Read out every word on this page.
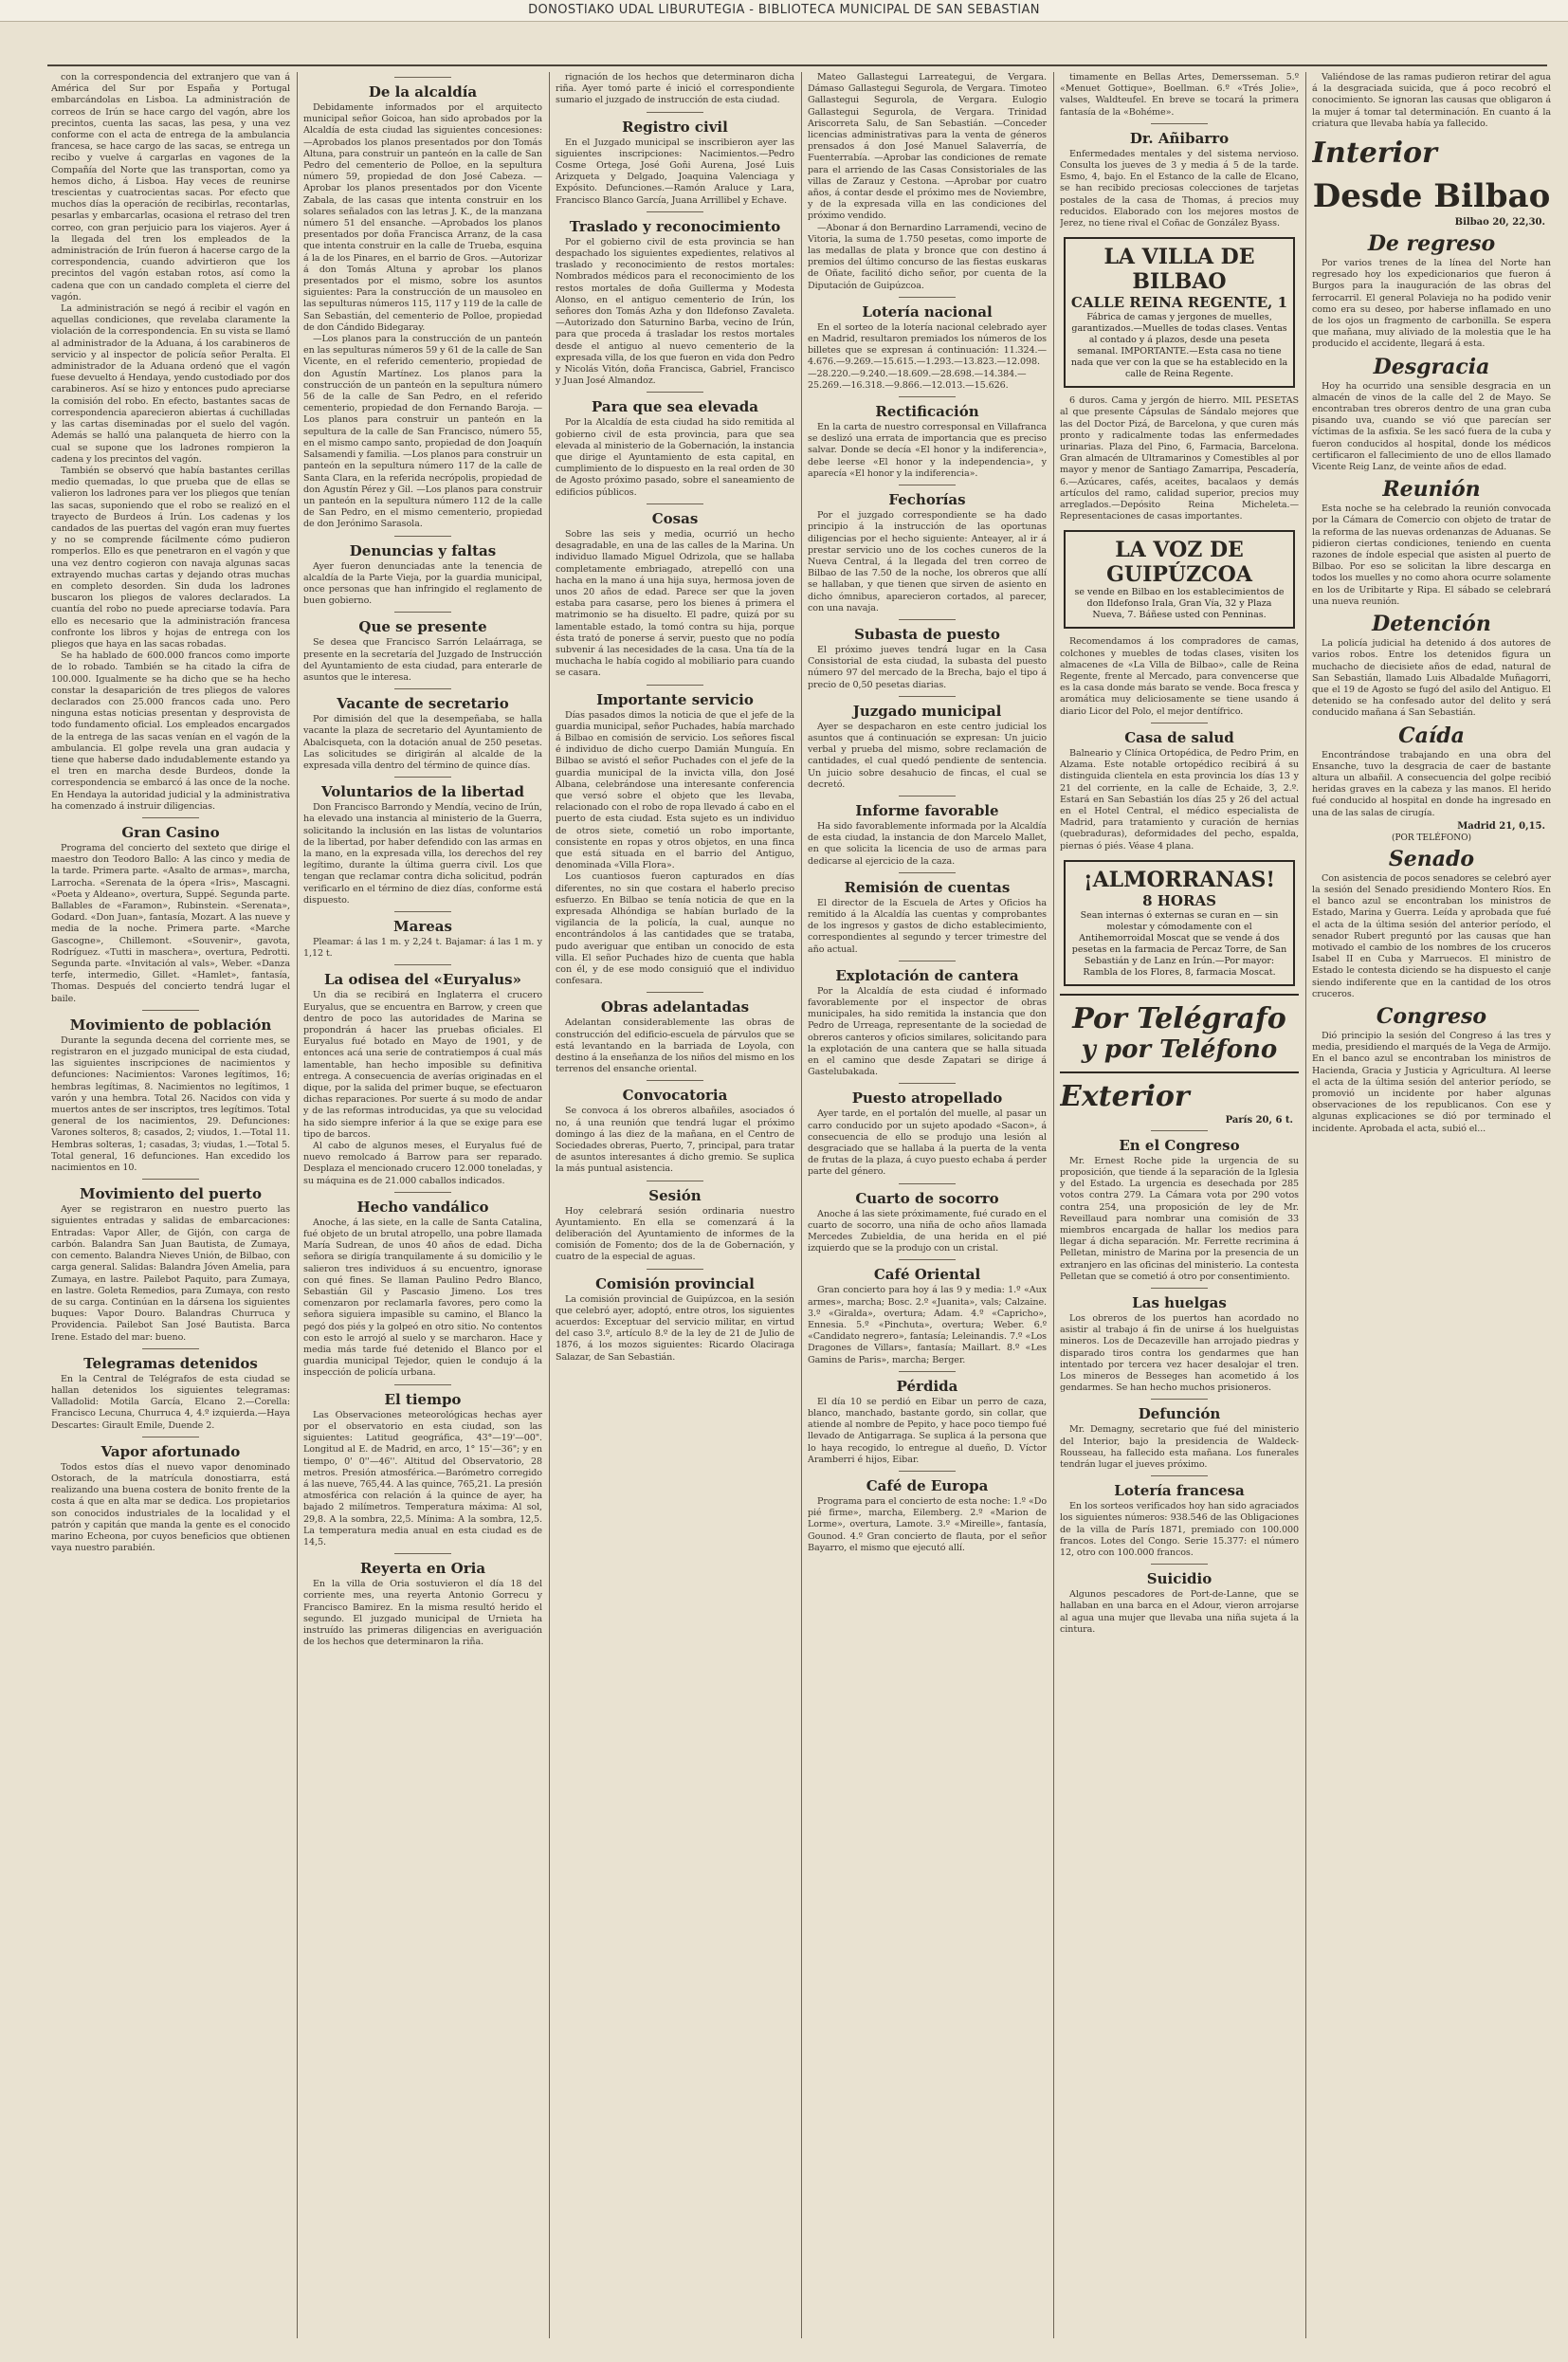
DONOSTIAKO UDAL LIBURUTEGIA - BIBLIOTECA MUNICIPAL DE SAN SEBASTIAN

con la correspondencia del extranjero que van á América del Sur por España y Portugal embarcándolas en Lisboa. La administración de correos de Irún se hace cargo del vagón, abre los precintos, cuenta las sacas, las pesa, y una vez conforme con el acta de entrega de la ambulancia francesa, se hace cargo de las sacas, se entrega un recibo y vuelve á cargarlas en vagones de la Compañía del Norte que las transportan, como ya hemos dicho, á Lisboa. Hay veces de reunirse trescientas y cuatrocientas sacas. Por efecto que muchos días la operación de recibirlas, recontarlas, pesarlas y embarcarlas, ocasiona el retraso del tren correo, con gran perjuicio para los viajeros. Ayer á la llegada del tren los empleados de la administración de Irún fueron á hacerse cargo de la correspondencia, cuando advirtieron que los precintos del vagón estaban rotos, así como la cadena que con un candado completa el cierre del vagón.

La administración se negó á recibir el vagón en aquellas condiciones, que revelaba claramente la violación de la correspondencia. En su vista se llamó al administrador de la Aduana, á los carabineros de servicio y al inspector de policía señor Peralta. El administrador de la Aduana ordenó que el vagón fuese devuelto á Hendaya, yendo custodiado por dos carabineros. Así se hizo y entonces pudo apreciarse la comisión del robo. En efecto, bastantes sacas de correspondencia aparecieron abiertas á cuchilladas y las cartas diseminadas por el suelo del vagón. Además se halló una palanqueta de hierro con la cual se supone que los ladrones rompieron la cadena y los precintos del vagón.

También se observó que había bastantes cerillas medio quemadas, lo que prueba que de ellas se valieron los ladrones para ver los pliegos que tenían las sacas, suponiendo que el robo se realizó en el trayecto de Burdeos á Irún. Los cadenas y los candados de las puertas del vagón eran muy fuertes y no se comprende fácilmente cómo pudieron romperlos. Ello es que penetraron en el vagón y que una vez dentro cogieron con navaja algunas sacas extrayendo muchas cartas y dejando otras muchas en completo desorden. Sin duda los ladrones buscaron los pliegos de valores declarados. La cuantía del robo no puede apreciarse todavía. Para ello es necesario que la administración francesa confronte los libros y hojas de entrega con los pliegos que haya en las sacas robadas.

Se ha hablado de 600.000 francos como importe de lo robado. También se ha citado la cifra de 100.000. Igualmente se ha dicho que se ha hecho constar la desaparición de tres pliegos de valores declarados con 25.000 francos cada uno. Pero ninguna estas noticias presentan y desprovista de todo fundamento oficial. Los empleados encargados de la entrega de las sacas venían en el vagón de la ambulancia. El golpe revela una gran audacia y tiene que haberse dado indudablemente estando ya el tren en marcha desde Burdeos, donde la correspondencia se embarcó á las once de la noche. En Hendaya la autoridad judicial y la administrativa ha comenzado á instruir diligencias.

Gran Casino

Programa del concierto del sexteto que dirige el maestro don Teodoro Ballo: A las cinco y media de la tarde. Primera parte. «Asalto de armas», marcha, Larrocha. «Serenata de la ópera «Iris», Mascagni. «Poeta y Aldeano», overtura, Suppé. Segunda parte. Ballables de «Faramon», Rubinstein. «Serenata», Godard. «Don Juan», fantasía, Mozart. A las nueve y media de la noche. Primera parte. «Marche Gascogne», Chillemont. «Souvenir», gavota, Rodríguez. «Tutti in maschera», overtura, Pedrotti. Segunda parte. «Invitación al vals», Weber. «Danza terfe, intermedio, Gillet. «Hamlet», fantasía, Thomas. Después del concierto tendrá lugar el baile.

Movimiento de población

Durante la segunda decena del corriente mes, se registraron en el juzgado municipal de esta ciudad, las siguientes inscripciones de nacimientos y defunciones: Nacimientos: Varones legítimos, 16; hembras legítimas, 8. Nacimientos no legítimos, 1 varón y una hembra. Total 26. Nacidos con vida y muertos antes de ser inscriptos, tres legítimos. Total general de los nacimientos, 29. Defunciones: Varones solteros, 8; casados, 2; viudos, 1.—Total 11. Hembras solteras, 1; casadas, 3; viudas, 1.—Total 5. Total general, 16 defunciones. Han excedido los nacimientos en 10.

Movimiento del puerto

Ayer se registraron en nuestro puerto las siguientes entradas y salidas de embarcaciones: Entradas: Vapor Aller, de Gijón, con carga de carbón. Balandra San Juan Bautista, de Zumaya, con cemento. Balandra Nieves Unión, de Bilbao, con carga general. Salidas: Balandra Jóven Amelia, para Zumaya, en lastre. Pailebot Paquito, para Zumaya, en lastre. Goleta Remedios, para Zumaya, con resto de su carga. Continúan en la dársena los siguientes buques: Vapor Douro. Balandras Churruca y Providencia. Pailebot San José Bautista. Barca Irene. Estado del mar: bueno.

Telegramas detenidos

En la Central de Telégrafos de esta ciudad se hallan detenidos los siguientes telegramas: Valladolid: Motila García, Elcano 2.—Corella: Francisco Lecuna, Churruca 4, 4.º izquierda.—Haya Descartes: Girault Emile, Duende 2.

Vapor afortunado

Todos estos días el nuevo vapor denominado Ostorach, de la matrícula donostiarra, está realizando una buena costera de bonito frente de la costa á que en alta mar se dedica. Los propietarios son conocidos industriales de la localidad y el patrón y capitán que manda la gente es el conocido marino Echeona, por cuyos beneficios que obtienen vaya nuestro parabién.

De la alcaldía

Debidamente informados por el arquitecto municipal señor Goicoa, han sido aprobados por la Alcaldía de esta ciudad las siguientes concesiones: —Aprobados los planos presentados por don Tomás Altuna, para construir un panteón en la calle de San Pedro del cementerio de Polloe, en la sepultura número 59, propiedad de don José Cabeza. —Aprobar los planos presentados por don Vicente Zabala, de las casas que intenta construir en los solares señalados con las letras J. K., de la manzana número 51 del ensanche. —Aprobados los planos presentados por doña Francisca Arranz, de la casa que intenta construir en la calle de Trueba, esquina á la de los Pinares, en el barrio de Gros. —Autorizar á don Tomás Altuna y aprobar los planos presentados por el mismo, sobre los asuntos siguientes: Para la construcción de un mausoleo en las sepulturas números 115, 117 y 119 de la calle de San Sebastián, del cementerio de Polloe, propiedad de don Cándido Bidegaray.

—Los planos para la construcción de un panteón en las sepulturas números 59 y 61 de la calle de San Vicente, en el referido cementerio, propiedad de don Agustín Martínez. Los planos para la construcción de un panteón en la sepultura número 56 de la calle de San Pedro, en el referido cementerio, propiedad de don Fernando Baroja. —Los planos para construir un panteón en la sepultura de la calle de San Francisco, número 55, en el mismo campo santo, propiedad de don Joaquín Salsamendi y familia. —Los planos para construir un panteón en la sepultura número 117 de la calle de Santa Clara, en la referida necrópolis, propiedad de don Agustín Pérez y Gil. —Los planos para construir un panteón en la sepultura número 112 de la calle de San Pedro, en el mismo cementerio, propiedad de don Jerónimo Sarasola.

Denuncias y faltas

Ayer fueron denunciadas ante la tenencia de alcaldía de la Parte Vieja, por la guardia municipal, once personas que han infringido el reglamento de buen gobierno.

Que se presente

Se desea que Francisco Sarrón Lelaárraga, se presente en la secretaría del Juzgado de Instrucción del Ayuntamiento de esta ciudad, para enterarle de asuntos que le interesa.

Vacante de secretario

Por dimisión del que la desempeñaba, se halla vacante la plaza de secretario del Ayuntamiento de Abalcisqueta, con la dotación anual de 250 pesetas. Las solicitudes se dirigirán al alcalde de la expresada villa dentro del término de quince días.

Voluntarios de la libertad

Don Francisco Barrondo y Mendía, vecino de Irún, ha elevado una instancia al ministerio de la Guerra, solicitando la inclusión en las listas de voluntarios de la libertad, por haber defendido con las armas en la mano, en la expresada villa, los derechos del rey legítimo, durante la última guerra civil. Los que tengan que reclamar contra dicha solicitud, podrán verificarlo en el término de diez días, conforme está dispuesto.

Mareas

Pleamar: á las 1 m. y 2,24 t. Bajamar: á las 1 m. y 1,12 t.

La odisea del «Euryalus»

Un dia se recibirá en Inglaterra el crucero Euryalus, que se encuentra en Barrow, y creen que dentro de poco las autoridades de Marina se propondrán á hacer las pruebas oficiales. El Euryalus fué botado en Mayo de 1901, y de entonces acá una serie de contratiempos á cual más lamentable, han hecho imposible su definitiva entrega. A consecuencia de averías originadas en el dique, por la salida del primer buque, se efectuaron dichas reparaciones. Por suerte á su modo de andar y de las reformas introducidas, ya que su velocidad ha sido siempre inferior á la que se exige para ese tipo de barcos.

Al cabo de algunos meses, el Euryalus fué de nuevo remolcado á Barrow para ser reparado. Desplaza el mencionado crucero 12.000 toneladas, y su máquina es de 21.000 caballos indicados.

Hecho vandálico

Anoche, á las siete, en la calle de Santa Catalina, fué objeto de un brutal atropello, una pobre llamada María Sudrean, de unos 40 años de edad. Dicha señora se dirigía tranquilamente á su domicilio y le salieron tres individuos á su encuentro, ignorase con qué fines. Se llaman Paulino Pedro Blanco, Sebastián Gil y Pascasio Jimeno. Los tres comenzaron por reclamarla favores, pero como la señora siguiera impasible su camino, el Blanco la pegó dos piés y la golpeó en otro sitio. No contentos con esto le arrojó al suelo y se marcharon. Hace y media más tarde fué detenido el Blanco por el guardia municipal Tejedor, quien le condujo á la inspección de policía urbana.

El tiempo

Las Observaciones meteorológicas hechas ayer por el observatorio en esta ciudad, son las siguientes: Latitud geográfica, 43°—19'—00". Longitud al E. de Madrid, en arco, 1° 15'—36"; y en tiempo, 0' 0''—46''. Altitud del Observatorio, 28 metros. Presión atmosférica.—Barómetro corregido á las nueve, 765,44. A las quince, 765,21. La presión atmosférica con relación á la quince de ayer, ha bajado 2 milímetros. Temperatura máxima: Al sol, 29,8. A la sombra, 22,5. Mínima: A la sombra, 12,5. La temperatura media anual en esta ciudad es de 14,5.

Reyerta en Oria

En la villa de Oria sostuvieron el día 18 del corriente mes, una reyerta Antonio Gorrecu y Francisco Bamirez. En la misma resultó herido el segundo. El juzgado municipal de Urnieta ha instruído las primeras diligencias en averiguación de los hechos que determinaron la riña.

rignación de los hechos que determinaron dicha riña. Ayer tomó parte é inició el correspondiente sumario el juzgado de instrucción de esta ciudad.

Registro civil

En el Juzgado municipal se inscribieron ayer las siguientes inscripciones: Nacimientos.—Pedro Cosme Ortega, José Goñi Aurena, José Luis Arizqueta y Delgado, Joaquina Valenciaga y Expósito. Defunciones.—Ramón Araluce y Lara, Francisco Blanco García, Juana Arrillibel y Echave.

Traslado y reconocimiento

Por el gobierno civil de esta provincia se han despachado los siguientes expedientes, relativos al traslado y reconocimiento de restos mortales: Nombrados médicos para el reconocimiento de los restos mortales de doña Guillerma y Modesta Alonso, en el antiguo cementerio de Irún, los señores don Tomás Azha y don Ildefonso Zavaleta. —Autorizado don Saturnino Barba, vecino de Irún, para que proceda á trasladar los restos mortales desde el antiguo al nuevo cementerio de la expresada villa, de los que fueron en vida don Pedro y Nicolás Vitón, doña Francisca, Gabriel, Francisco y Juan José Almandoz.

Para que sea elevada

Por la Alcaldía de esta ciudad ha sido remitida al gobierno civil de esta provincia, para que sea elevada al ministerio de la Gobernación, la instancia que dirige el Ayuntamiento de esta capital, en cumplimiento de lo dispuesto en la real orden de 30 de Agosto próximo pasado, sobre el saneamiento de edificios públicos.

Cosas

Sobre las seis y media, ocurrió un hecho desagradable, en una de las calles de la Marina. Un individuo llamado Miguel Odrizola, que se hallaba completamente embriagado, atrepelló con una hacha en la mano á una hija suya, hermosa joven de unos 20 años de edad. Parece ser que la joven estaba para casarse, pero los bienes á primera el matrimonio se ha disuelto. El padre, quizá por su lamentable estado, la tomó contra su hija, porque ésta trató de ponerse á servir, puesto que no podía subvenir á las necesidades de la casa. Una tía de la muchacha le había cogido al mobiliario para cuando se casara.

Importante servicio

Días pasados dimos la noticia de que el jefe de la guardia municipal, señor Puchades, había marchado á Bilbao en comisión de servicio. Los señores fiscal é individuo de dicho cuerpo Damián Munguía. En Bilbao se avistó el señor Puchades con el jefe de la guardia municipal de la invicta villa, don José Albana, celebrándose una interesante conferencia que versó sobre el objeto que les llevaba, relacionado con el robo de ropa llevado á cabo en el puerto de esta ciudad. Esta sujeto es un individuo de otros siete, cometió un robo importante, consistente en ropas y otros objetos, en una finca que está situada en el barrio del Antiguo, denominada «Villa Flora».

Los cuantiosos fueron capturados en días diferentes, no sin que costara el haberlo preciso esfuerzo. En Bilbao se tenía noticia de que en la expresada Alhóndiga se habían burlado de la vigilancia de la policía, la cual, aunque no encontrándolos á las cantidades que se trataba, pudo averiguar que entiban un conocido de esta villa. El señor Puchades hizo de cuenta que habla con él, y de ese modo consiguió que el individuo confesara.

Obras adelantadas

Adelantan considerablemente las obras de construcción del edificio-escuela de párvulos que se está levantando en la barriada de Loyola, con destino á la enseñanza de los niños del mismo en los terrenos del ensanche oriental.

Convocatoria

Se convoca á los obreros albañiles, asociados ó no, á una reunión que tendrá lugar el próximo domingo á las diez de la mañana, en el Centro de Sociedades obreras, Puerto, 7, principal, para tratar de asuntos interesantes á dicho gremio. Se suplica la más puntual asistencia.

Sesión

Hoy celebrará sesión ordinaria nuestro Ayuntamiento. En ella se comenzará á la deliberación del Ayuntamiento de informes de la comisión de Fomento; dos de la de Gobernación, y cuatro de la especial de aguas.

Comisión provincial

La comisión provincial de Guipúzcoa, en la sesión que celebró ayer, adoptó, entre otros, los siguientes acuerdos: Exceptuar del servicio militar, en virtud del caso 3.º, artículo 8.º de la ley de 21 de Julio de 1876, á los mozos siguientes: Ricardo Olaciraga Salazar, de San Sebastián.

Mateo Gallastegui Larreategui, de Vergara. Dámaso Gallastegui Segurola, de Vergara. Timoteo Gallastegui Segurola, de Vergara. Eulogio Gallastegui Segurola, de Vergara. Trinidad Ariscorreta Salu, de San Sebastián. —Conceder licencias administrativas para la venta de géneros prensados á don José Manuel Salaverría, de Fuenterrabía. —Aprobar las condiciones de remate para el arriendo de las Casas Consistoriales de las villas de Zarauz y Cestona. —Aprobar por cuatro años, á contar desde el próximo mes de Noviembre, y de la expresada villa en las condiciones del próximo vendido.

—Abonar á don Bernardino Larramendi, vecino de Vitoria, la suma de 1.750 pesetas, como importe de las medallas de plata y bronce que con destino á premios del último concurso de las fiestas euskaras de Oñate, facilitó dicho señor, por cuenta de la Diputación de Guipúzcoa.

Lotería nacional

En el sorteo de la lotería nacional celebrado ayer en Madrid, resultaron premiados los números de los billetes que se expresan á continuación: 11.324.—4.676.—9.269.—15.615.—1.293.—13.823.—12.098.—28.220.—9.240.—18.609.—28.698.—14.384.—25.269.—16.318.—9.866.—12.013.—15.626.

Rectificación

En la carta de nuestro corresponsal en Villafranca se deslizó una errata de importancia que es preciso salvar. Donde se decía «El honor y la indiferencia», debe leerse «El honor y la independencia», y aparecía «El honor y la indiferencia».

Fechorías

Por el juzgado correspondiente se ha dado principio á la instrucción de las oportunas diligencias por el hecho siguiente: Anteayer, al ir á prestar servicio uno de los coches cuneros de la Nueva Central, á la llegada del tren correo de Bilbao de las 7.50 de la noche, los obreros que allí se hallaban, y que tienen que sirven de asiento en dicho ómnibus, aparecieron cortados, al parecer, con una navaja.

Subasta de puesto

El próximo jueves tendrá lugar en la Casa Consistorial de esta ciudad, la subasta del puesto número 97 del mercado de la Brecha, bajo el tipo á precio de 0,50 pesetas diarias.

Juzgado municipal

Ayer se despacharon en este centro judicial los asuntos que á continuación se expresan: Un juicio verbal y prueba del mismo, sobre reclamación de cantidades, el cual quedó pendiente de sentencia. Un juicio sobre desahucio de fincas, el cual se decretó.

Informe favorable

Ha sido favorablemente informada por la Alcaldía de esta ciudad, la instancia de don Marcelo Mallet, en que solicita la licencia de uso de armas para dedicarse al ejercicio de la caza.

Remisión de cuentas

El director de la Escuela de Artes y Oficios ha remitido á la Alcaldía las cuentas y comprobantes de los ingresos y gastos de dicho establecimiento, correspondientes al segundo y tercer trimestre del año actual.

Explotación de cantera

Por la Alcaldía de esta ciudad é informado favorablemente por el inspector de obras municipales, ha sido remitida la instancia que don Pedro de Urreaga, representante de la sociedad de obreros canteros y oficios similares, solicitando para la explotación de una cantera que se halla situada en el camino que desde Zapatari se dirige á Gastelubakada.

Puesto atropellado

Ayer tarde, en el portalón del muelle, al pasar un carro conducido por un sujeto apodado «Sacon», á consecuencia de ello se produjo una lesión al desgraciado que se hallaba á la puerta de la venta de frutas de la plaza, á cuyo puesto echaba á perder parte del género.

Cuarto de socorro

Anoche á las siete próximamente, fué curado en el cuarto de socorro, una niña de ocho años llamada Mercedes Zubieldia, de una herida en el pié izquierdo que se la produjo con un cristal.

Café Oriental

Gran concierto para hoy á las 9 y media: 1.º «Aux armes», marcha; Bosc. 2.º «Juanita», vals; Calzaine. 3.º «Giralda», overtura; Adam. 4.º «Capricho», Ennesia. 5.º «Pinchuta», overtura; Weber. 6.º «Candidato negrero», fantasía; Leleinandis. 7.º «Los Dragones de Villars», fantasía; Maillart. 8.º «Les Gamins de Paris», marcha; Berger.

Pérdida

El día 10 se perdió en Eibar un perro de caza, blanco, manchado, bastante gordo, sin collar, que atiende al nombre de Pepito, y hace poco tiempo fué llevado de Antigarraga. Se suplica á la persona que lo haya recogido, lo entregue al dueño, D. Víctor Aramberri é hijos, Eibar.

Café de Europa

Programa para el concierto de esta noche: 1.º «Do pié firme», marcha, Eilemberg. 2.º «Marion de Lorme», overtura, Lamote. 3.º «Mireille», fantasía, Gounod. 4.º Gran concierto de flauta, por el señor Bayarro, el mismo que ejecutó allí.

timamente en Bellas Artes, Demersseman. 5.º «Menuet Gottique», Boellman. 6.º «Trés Jolie», valses, Waldteufel. En breve se tocará la primera fantasía de la «Bohéme».

Dr. Añibarro

Enfermedades mentales y del sistema nervioso. Consulta los jueves de 3 y media á 5 de la tarde. Esmo, 4, bajo. En el Estanco de la calle de Elcano, se han recibido preciosas colecciones de tarjetas postales de la casa de Thomas, á precios muy reducidos. Elaborado con los mejores mostos de Jerez, no tiene rival el Coñac de González Byass.

LA VILLA DE BILBAO
CALLE REINA REGENTE, 1
Fábrica de camas y jergones de muelles, garantizados.—Muelles de todas clases. Ventas al contado y á plazos, desde una peseta semanal. IMPORTANTE.—Esta casa no tiene nada que ver con la que se ha establecido en la calle de Reina Regente.

6 duros. Cama y jergón de hierro. MIL PESETAS al que presente Cápsulas de Sándalo mejores que las del Doctor Pizá, de Barcelona, y que curen más pronto y radicalmente todas las enfermedades urinarias. Plaza del Pino, 6, Farmacia, Barcelona. Gran almacén de Ultramarinos y Comestibles al por mayor y menor de Santiago Zamarripa, Pescadería, 6.—Azúcares, cafés, aceites, bacalaos y demás artículos del ramo, calidad superior, precios muy arreglados.—Depósito Reina Micheleta.—Representaciones de casas importantes.

LA VOZ DE GUIPÚZCOA
se vende en Bilbao en los establecimientos de don Ildefonso Irala, Gran Vía, 32 y Plaza Nueva, 7. Báñese usted con Penninas.

Recomendamos á los compradores de camas, colchones y muebles de todas clases, visiten los almacenes de «La Villa de Bilbao», calle de Reina Regente, frente al Mercado, para convencerse que es la casa donde más barato se vende. Boca fresca y aromática muy deliciosamente se tiene usando á diario Licor del Polo, el mejor dentífrico.

Casa de salud

Balneario y Clínica Ortopédica, de Pedro Prim, en Alzama. Este notable ortopédico recibirá á su distinguida clientela en esta provincia los días 13 y 21 del corriente, en la calle de Echaide, 3, 2.º. Estará en San Sebastián los días 25 y 26 del actual en el Hotel Central, el médico especialista de Madrid, para tratamiento y curación de hernias (quebraduras), deformidades del pecho, espalda, piernas ó piés. Véase 4 plana.

¡ALMORRANAS!
8 HORAS
Sean internas ó externas se curan en — sin molestar y cómodamente con el Antihemorroidal Moscat que se vende á dos pesetas en la farmacia de Percaz Torre, de San Sebastián y de Lanz en Irún.—Por mayor: Rambla de los Flores, 8, farmacia Moscat.
Por Telégrafo
y por Teléfono
Exterior
París 20, 6 t.
En el Congreso

Mr. Ernest Roche pide la urgencia de su proposición, que tiende á la separación de la Iglesia y del Estado. La urgencia es desechada por 285 votos contra 279. La Cámara vota por 290 votos contra 254, una proposición de ley de Mr. Reveillaud para nombrar una comisión de 33 miembros encargada de hallar los medios para llegar á dicha separación. Mr. Ferrette recrimina á Pelletan, ministro de Marina por la presencia de un extranjero en las oficinas del ministerio. La contesta Pelletan que se cometió á otro por consentimiento.

Las huelgas

Los obreros de los puertos han acordado no asistir al trabajo á fin de unirse á los huelguistas mineros. Los de Decazeville han arrojado piedras y disparado tiros contra los gendarmes que han intentado por tercera vez hacer desalojar el tren. Los mineros de Besseges han acometido á los gendarmes. Se han hecho muchos prisioneros.

Defunción

Mr. Demagny, secretario que fué del ministerio del Interior, bajo la presidencia de Waldeck-Rousseau, ha fallecido esta mañana. Los funerales tendrán lugar el jueves próximo.

Lotería francesa

En los sorteos verificados hoy han sido agraciados los siguientes números: 938.546 de las Obligaciones de la villa de París 1871, premiado con 100.000 francos. Lotes del Congo. Serie 15.377: el número 12, otro con 100.000 francos.

Suicidio

Algunos pescadores de Port-de-Lanne, que se hallaban en una barca en el Adour, vieron arrojarse al agua una mujer que llevaba una niña sujeta á la cintura.

Valiéndose de las ramas pudieron retirar del agua á la desgraciada suicida, que á poco recobró el conocimiento. Se ignoran las causas que obligaron á la mujer á tomar tal determinación. En cuanto á la criatura que llevaba había ya fallecido.

Interior
Desde Bilbao
Bilbao 20, 22,30.
De regreso

Por varios trenes de la línea del Norte han regresado hoy los expedicionarios que fueron á Burgos para la inauguración de las obras del ferrocarril. El general Polavieja no ha podido venir como era su deseo, por haberse inflamado en uno de los ojos un fragmento de carbonilla. Se espera que mañana, muy aliviado de la molestia que le ha producido el accidente, llegará á esta.

Desgracia

Hoy ha ocurrido una sensible desgracia en un almacén de vinos de la calle del 2 de Mayo. Se encontraban tres obreros dentro de una gran cuba pisando uva, cuando se vió que parecían ser víctimas de la asfixia. Se les sacó fuera de la cuba y fueron conducidos al hospital, donde los médicos certificaron el fallecimiento de uno de ellos llamado Vicente Reig Lanz, de veinte años de edad.

Reunión

Esta noche se ha celebrado la reunión convocada por la Cámara de Comercio con objeto de tratar de la reforma de las nuevas ordenanzas de Aduanas. Se pidieron ciertas condiciones, teniendo en cuenta razones de índole especial que asisten al puerto de Bilbao. Por eso se solicitan la libre descarga en todos los muelles y no como ahora ocurre solamente en los de Uribitarte y Ripa. El sábado se celebrará una nueva reunión.

Detención

La policía judicial ha detenido á dos autores de varios robos. Entre los detenidos figura un muchacho de diecisiete años de edad, natural de San Sebastián, llamado Luis Albadalde Muñagorri, que el 19 de Agosto se fugó del asilo del Antiguo. El detenido se ha confesado autor del delito y será conducido mañana á San Sebastián.

Caída

Encontrándose trabajando en una obra del Ensanche, tuvo la desgracia de caer de bastante altura un albañil. A consecuencia del golpe recibió heridas graves en la cabeza y las manos. El herido fué conducido al hospital en donde ha ingresado en una de las salas de cirugía.

Madrid 21, 0,15.
(POR TELÉFONO)
Senado

Con asistencia de pocos senadores se celebró ayer la sesión del Senado presidiendo Montero Ríos. En el banco azul se encontraban los ministros de Estado, Marina y Guerra. Leída y aprobada que fué el acta de la última sesión del anterior período, el senador Rubert preguntó por las causas que han motivado el cambio de los nombres de los cruceros Isabel II en Cuba y Marruecos. El ministro de Estado le contesta diciendo se ha dispuesto el canje siendo indiferente que en la cantidad de los otros cruceros.

Congreso

Dió principio la sesión del Congreso á las tres y media, presidiendo el marqués de la Vega de Armijo. En el banco azul se encontraban los ministros de Hacienda, Gracia y Justicia y Agricultura. Al leerse el acta de la última sesión del anterior período, se promovió un incidente por haber algunas observaciones de los republicanos. Con ese y algunas explicaciones se dió por terminado el incidente. Aprobada el acta, subió el...
